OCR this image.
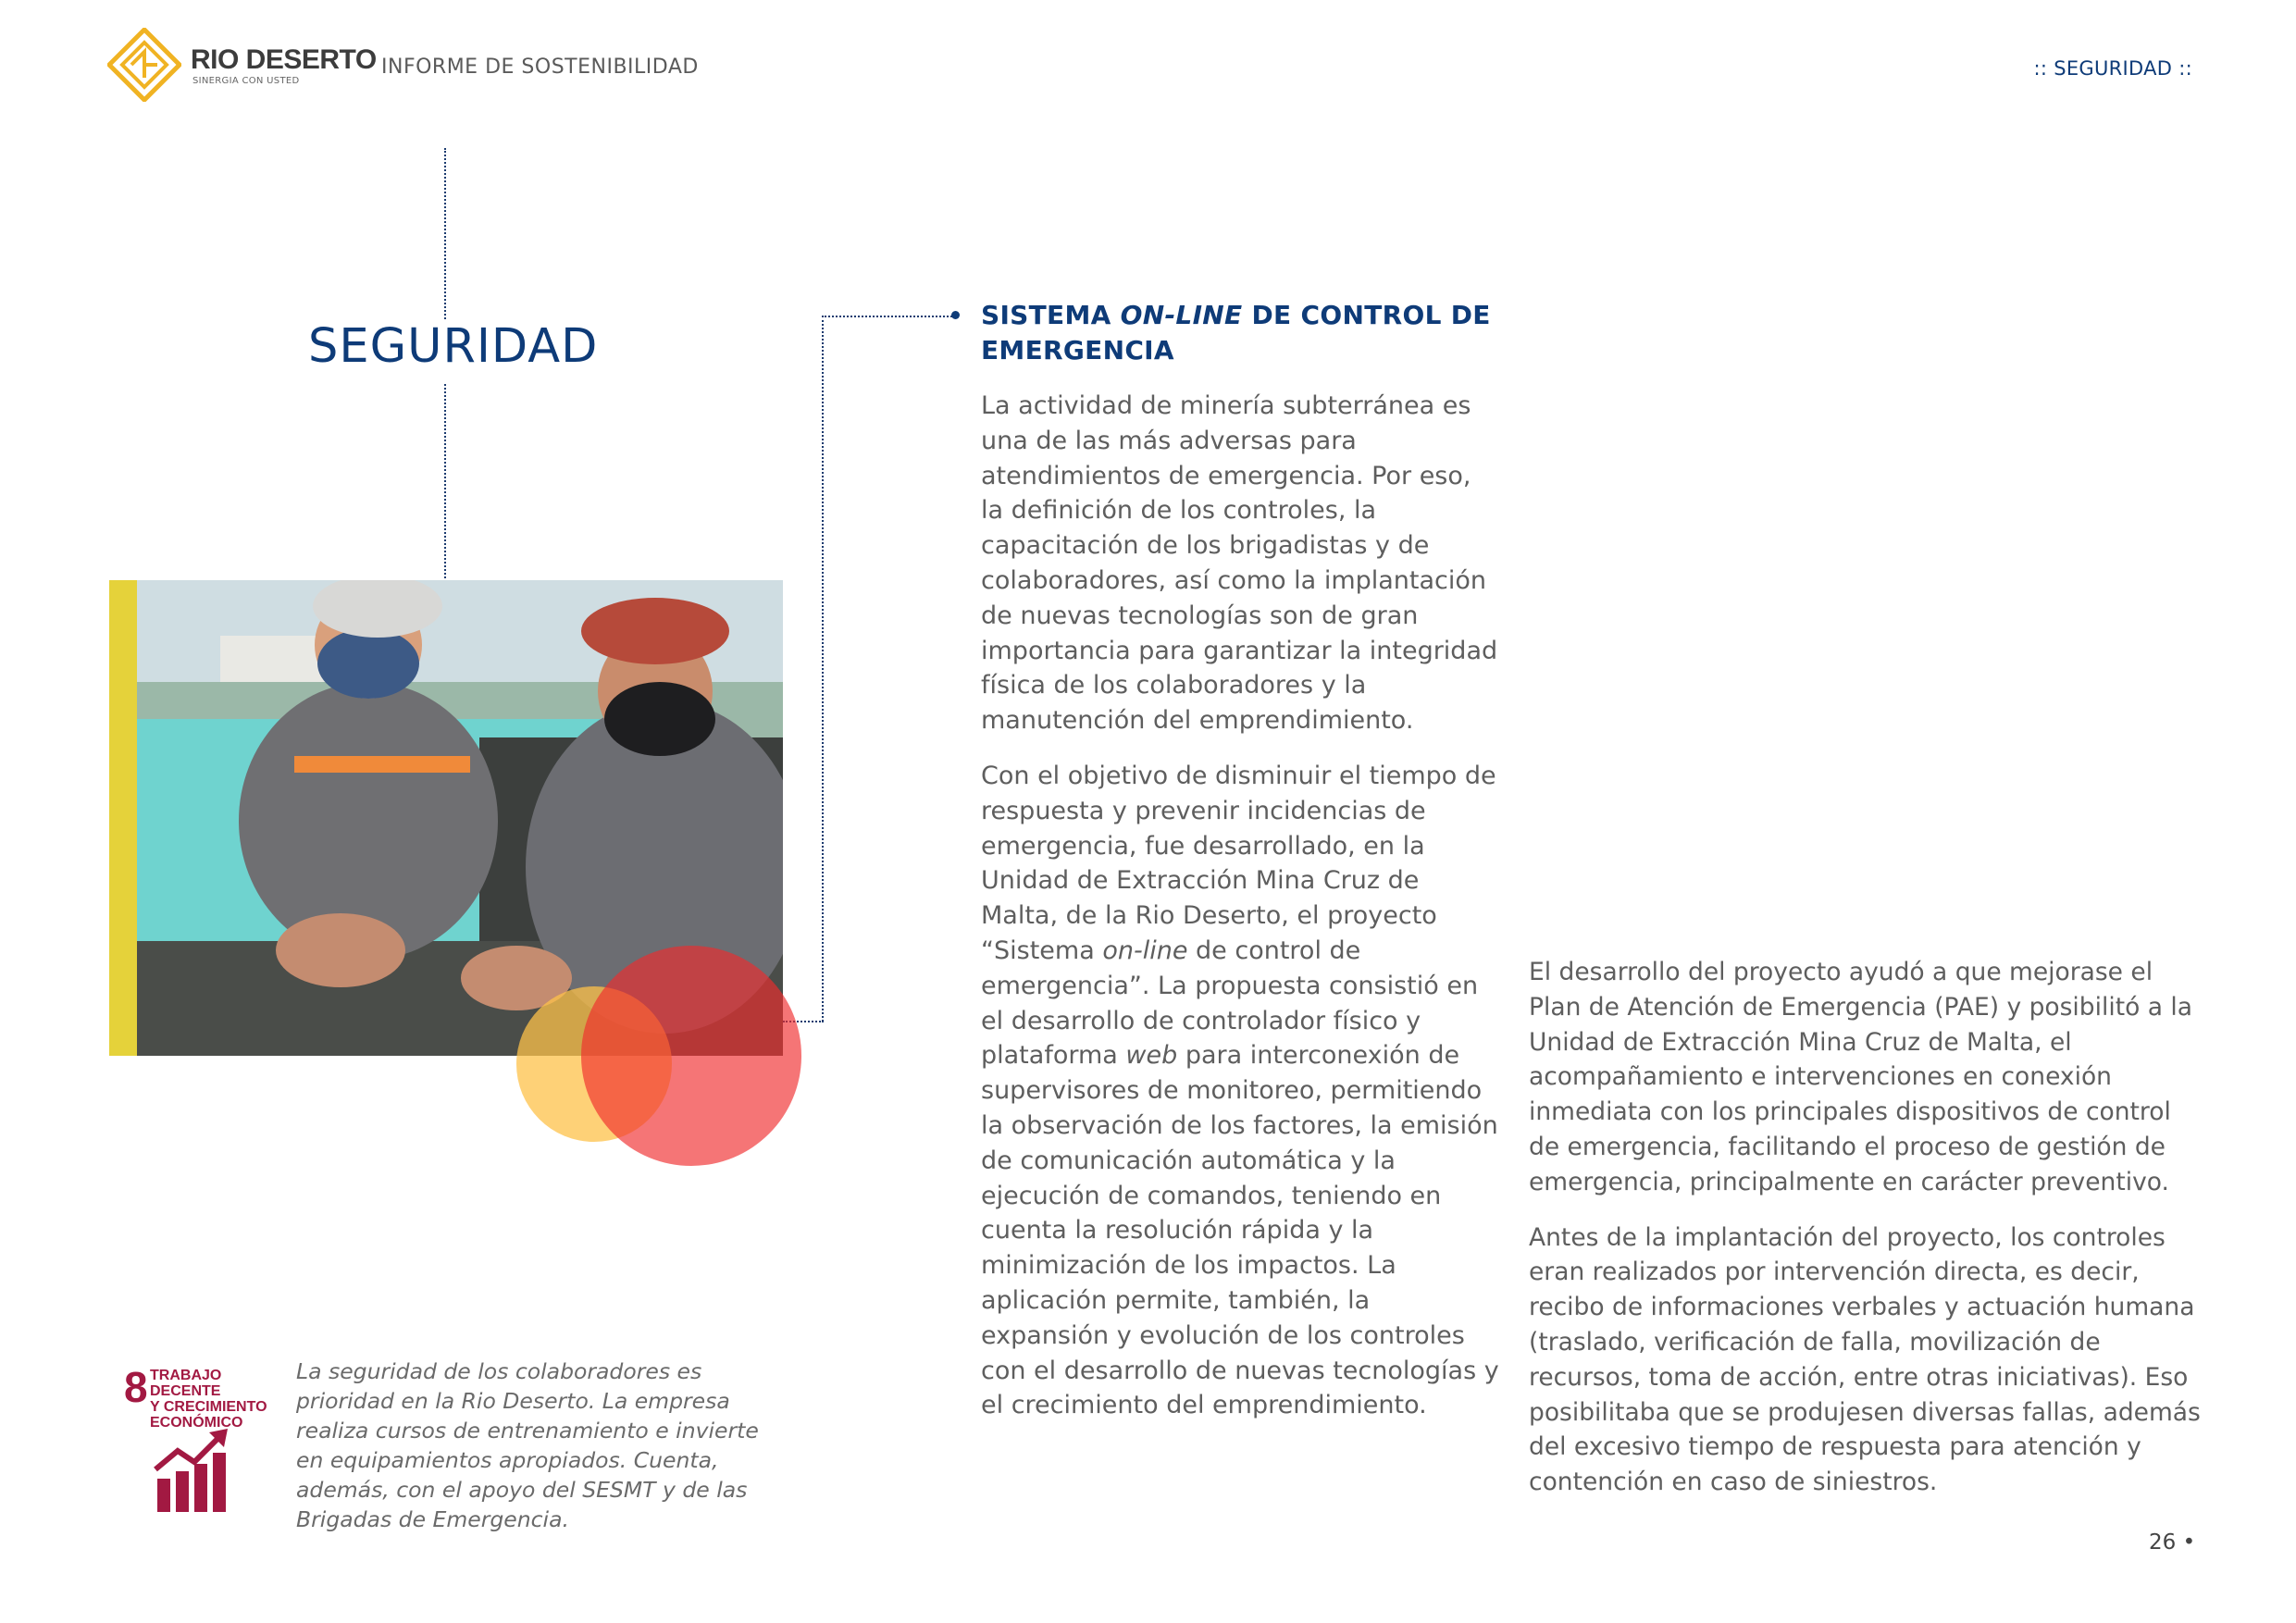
RIO DESERTO
SINERGIA CON USTED
INFORME DE SOSTENIBILIDAD	:: SEGURIDAD ::
SEGURIDAD
SISTEMA ON-LINE DE CONTROL DE EMERGENCIA

La actividad de minería subterránea es una de las más adversas para atendimientos de emergencia. Por eso, la definición de los controles, la capacitación de los brigadistas y de colaboradores, así como la implantación de nuevas tecnologías son de gran importancia para garantizar la integridad física de los colaboradores y la manutención del emprendimiento.

Con el objetivo de disminuir el tiempo de respuesta y prevenir incidencias de emergencia, fue desarrollado, en la Unidad de Extracción Mina Cruz de Malta, de la Rio Deserto, el proyecto “Sistema on-line de control de emergencia”. La propuesta consistió en el desarrollo de controlador físico y plataforma web para interconexión de supervisores de monitoreo, permitiendo la observación de los factores, la emisión de comunicación automática y la ejecución de comandos, teniendo en cuenta la resolución rápida y la minimización de los impactos. La aplicación permite, también, la expansión y evolución de los controles con el desarrollo de nuevas tecnologías y el crecimiento del emprendimiento.

El desarrollo del proyecto ayudó a que mejorase el Plan de Atención de Emergencia (PAE) y posibilitó a la Unidad de Extracción Mina Cruz de Malta, el acompañamiento e intervenciones en conexión inmediata con los principales dispositivos de control de emergencia, facilitando el proceso de gestión de emergencia, principalmente en carácter preventivo.

Antes de la implantación del proyecto, los controles eran realizados por intervención directa, es decir, recibo de informaciones verbales y actuación humana (traslado, verificación de falla, movilización de recursos, toma de acción, entre otras iniciativas). Eso posibilitaba que se produjesen diversas fallas, además del excesivo tiempo de respuesta para atención y contención en caso de siniestros.

8 TRABAJO DECENTE
Y CRECIMIENTO
ECONÓMICO
La seguridad de los colaboradores es prioridad en la Rio Deserto. La empresa realiza cursos de entrenamiento e invierte en equipamientos apropiados. Cuenta, además, con el apoyo del SESMT y de las Brigadas de Emergencia.
26 •
